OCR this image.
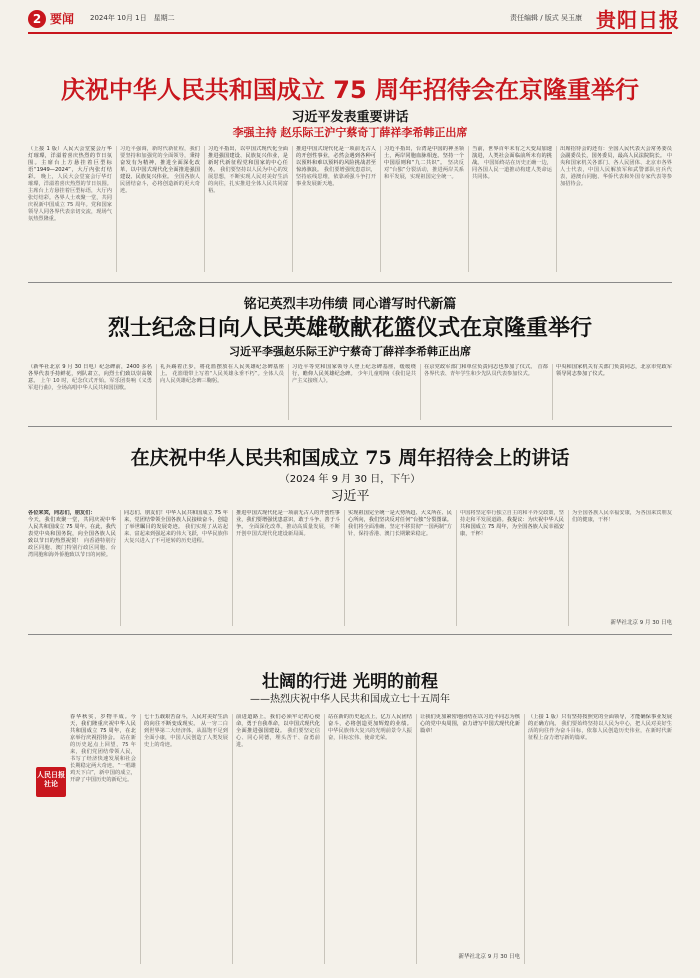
2 要闻 2024年 10月 1日　星期二	责任编辑 / 版式 吴玉康 贵阳日报
庆祝中华人民共和国成立 75 周年招待会在京隆重举行
习近平发表重要讲话
李强主持 赵乐际王沪宁蔡奇丁薛祥李希韩正出席
（上接 1 版）人民大会堂宴会厅华灯璀璨，洋溢着喜庆热烈的节日氛围。主席台上方悬挂着巨型标语“1949—2024”，大厅内张灯结彩。 晚上，人民大会堂宴会厅华灯璀璨，洋溢着喜庆热烈的节日氛围。主席台上方悬挂着巨型标语，大厅内张灯结彩。各界人士欢聚一堂，共同庆祝新中国成立 75 周年。党和国家领导人同各界代表亲切交流，现场气氛热烈隆重。
习近平强调，新时代新征程，我们要坚持和加强党的全面领导，秉持奋发有为精神，推进全面深化改革，以中国式现代化全面推进强国建设、民族复兴伟业。 全国各族人民团结奋斗，必将创造新的更大奇迹。
习近平指出，以中国式现代化全面推进强国建设、民族复兴伟业，是新时代新征程党和国家的中心任务。 我们要坚持以人民为中心的发展思想，不断实现人民对美好生活的向往，扎实推进全体人民共同富裕。
推进中国式现代化是一项前无古人的开创性事业，必然会遇到各种可以预料和难以预料的风险挑战甚至惊涛骇浪。 我们要增强忧患意识，坚持底线思维，依靠顽强斗争打开事业发展新天地。
习近平指出，台湾是中国的神圣领土，两岸同胞血脉相连。坚持一个中国原则和“九二共识”。 坚决反对“台独”分裂活动，推进两岸关系和平发展，实现祖国完全统一。
当前，世界百年未有之大变局加速演进，人类社会面临前所未有的挑战。 中国始终站在历史正确一边，同各国人民一道推动构建人类命运共同体。
出席招待会的还有：全国人民代表大会常务委员会副委员长，国务委员，最高人民法院院长。 中央和国家机关各部门、各人民团体、北京市各界人士代表，中国人民解放军和武警部队官兵代表，港澳台同胞、华侨代表和外国专家代表等参加招待会。
铭记英烈丰功伟绩 同心谱写时代新篇
烈士纪念日向人民英雄敬献花篮仪式在京隆重举行
习近平李强赵乐际王沪宁蔡奇丁薛祥李希韩正出席
（新华社北京 9 月 30 日电）纪念碑前，2400 多名各界代表手持鲜花，列队肃立，向烈士们致以崇高敬意。 上午 10 时，纪念仪式开始。军乐团奏响《义勇军进行曲》，全场高唱中华人民共和国国歌。
礼兵踢着正步，将花篮摆放在人民英雄纪念碑基座上。 花篮缎带上写着“人民英雄永垂不朽”。全体人员向人民英雄纪念碑三鞠躬。
习近平等党和国家领导人登上纪念碑基座，缓缓绕行，瞻仰人民英雄纪念碑。 少年儿童唱响《我们是共产主义接班人》。
在京党政军部门和单位负责同志也参加了仪式。 首都各界代表、青年学生和少先队员代表参加仪式。
中央和国家机关有关部门负责同志，北京市党政军领导同志参加了仪式。
在庆祝中华人民共和国成立 75 周年招待会上的讲话
（2024 年 9 月 30 日，下午）
习近平
各位来宾，同志们，朋友们：
今天，我们欢聚一堂，共同庆祝中华人民共和国成立 75 周年。在此，我代表党中央和国务院，向全国各族人民致以节日的热烈祝贺！ 向香港特别行政区同胞、澳门特别行政区同胞、台湾同胞和海外侨胞致以节日的问候。
同志们、朋友们！中华人民共和国成立 75 年来，党团结带领全国各族人民接续奋斗，创造了举世瞩目的发展奇迹。 我们实现了从站起来、富起来到强起来的伟大飞跃，中华民族伟大复兴进入了不可逆转的历史进程。
推进中国式现代化是一项前无古人的开创性事业，我们要增强忧患意识，敢于斗争、善于斗争。 全面深化改革，推动高质量发展，不断开创中国式现代化建设新局面。
实现祖国完全统一是大势所趋、大义所在、民心所向，我们坚决反对任何“台独”分裂图谋。 我们将全面准确、坚定不移贯彻“一国两制”方针，保持香港、澳门长期繁荣稳定。
中国将坚定奉行独立自主的和平外交政策，坚持走和平发展道路。我提议：为庆祝中华人民共和国成立 75 周年，为全国各族人民幸福安康，干杯！
为全国各族人民幸福安康，为各国来宾朋友们的健康，干杯！
新华社北京 9 月 30 日电
壮阔的行进 光明的前程
——热烈庆祝中华人民共和国成立七十五周年
人民日报社论
春华秋实，岁物丰成。今天，我们隆重庆祝中华人民共和国成立 75 周年，在北京举行庆祝招待会。 站在新的历史起点上回望，75 年来，我们党团结带领人民，书写了经济快速发展和社会长期稳定两大奇迹。“一唱雄鸡天下白”，新中国的成立，开辟了中国历史的新纪元。
七十五载艰苦奋斗，人民对美好生活的向往不断变成现实。 从一穷二白到世界第二大经济体，从温饱不足到全面小康，中国人民创造了人类发展史上的奇迹。
前进道路上，我们必须牢记初心使命，勇于自我革命，以中国式现代化全面推进强国建设。 我们要坚定信心、同心同德，埋头苦干、奋勇前进。
站在新的历史起点上，亿万人民团结奋斗，必将创造更加辉煌的业绩。 中华民族伟大复兴的光明前景令人振奋，目标宏伟、使命光荣。
让我们更加紧密地团结在以习近平同志为核心的党中央周围，奋力谱写中国式现代化新篇章！
新华社北京 9 月 30 日电
（上接 1 版）只有坚持按照党的全面领导，才能确保事业发展的正确方向。 我们要始终坚持以人民为中心，把人民对美好生活的向往作为奋斗目标，依靠人民创造历史伟业，在新时代新征程上奋力谱写新的篇章。
